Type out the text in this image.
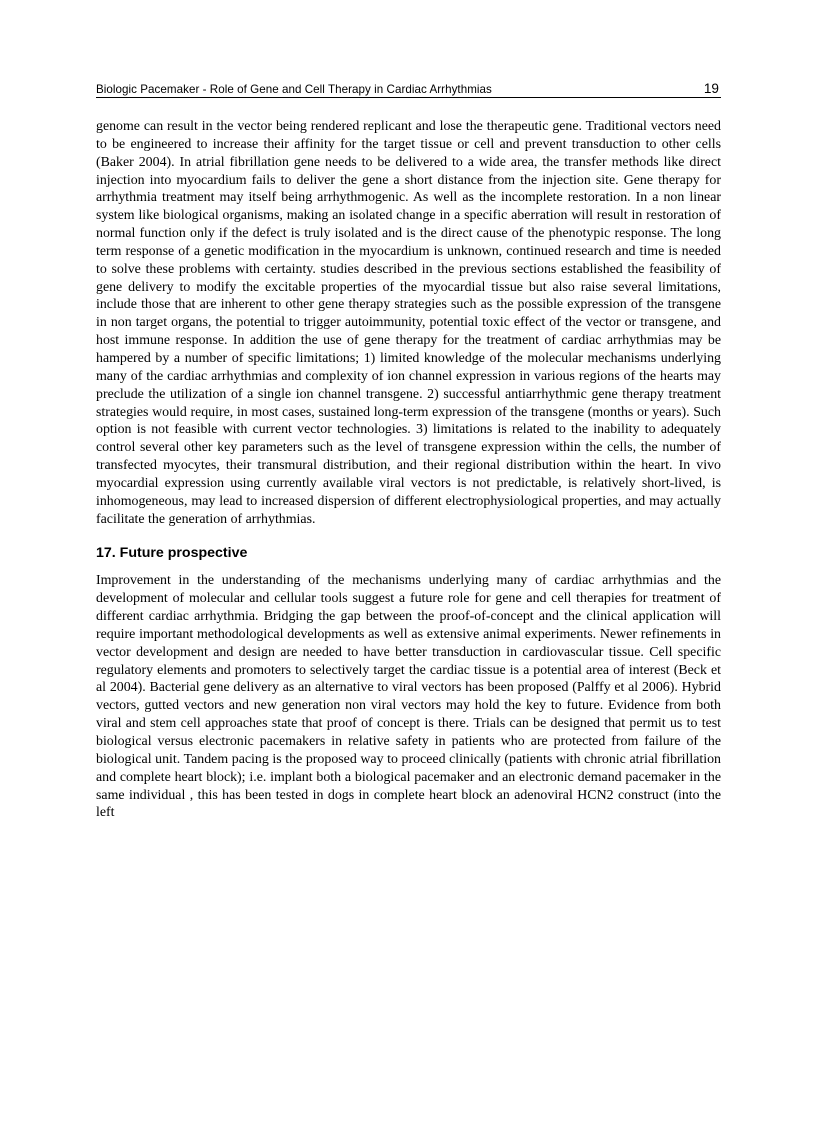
Biologic Pacemaker - Role of Gene and Cell Therapy in Cardiac Arrhythmias	19

genome can result in the vector being rendered replicant and lose the therapeutic gene. Traditional vectors need to be engineered to increase their affinity for the target tissue or cell and prevent transduction to other cells (Baker 2004). In atrial fibrillation gene needs to be delivered to a wide area, the transfer methods like direct injection into myocardium fails to deliver the gene a short distance from the injection site. Gene therapy for arrhythmia treatment may itself being arrhythmogenic. As well as the incomplete restoration. In a non linear system like biological organisms, making an isolated change in a specific aberration will result in restoration of normal function only if the defect is truly isolated and is the direct cause of the phenotypic response. The long term response of a genetic modification in the myocardium is unknown, continued research and time is needed to solve these problems with certainty. studies described in the previous sections established the feasibility of gene delivery to modify the excitable properties of the myocardial tissue but also raise several limitations, include those that are inherent to other gene therapy strategies such as the possible expression of the transgene in non target organs, the potential to trigger autoimmunity, potential toxic effect of the vector or transgene, and host immune response. In addition the use of gene therapy for the treatment of cardiac arrhythmias may be hampered by a number of specific limitations; 1) limited knowledge of the molecular mechanisms underlying many of the cardiac arrhythmias and complexity of ion channel expression in various regions of the hearts may preclude the utilization of a single ion channel transgene. 2) successful antiarrhythmic gene therapy treatment strategies would require, in most cases, sustained long-term expression of the transgene (months or years). Such option is not feasible with current vector technologies. 3) limitations is related to the inability to adequately control several other key parameters such as the level of transgene expression within the cells, the number of transfected myocytes, their transmural distribution, and their regional distribution within the heart. In vivo myocardial expression using currently available viral vectors is not predictable, is relatively short-lived, is inhomogeneous, may lead to increased dispersion of different electrophysiological properties, and may actually facilitate the generation of arrhythmias.

17. Future prospective

Improvement in the understanding of the mechanisms underlying many of cardiac arrhythmias and the development of molecular and cellular tools suggest a future role for gene and cell therapies for treatment of different cardiac arrhythmia. Bridging the gap between the proof-of-concept and the clinical application will require important methodological developments as well as extensive animal experiments. Newer refinements in vector development and design are needed to have better transduction in cardiovascular tissue. Cell specific regulatory elements and promoters to selectively target the cardiac tissue is a potential area of interest (Beck et al 2004). Bacterial gene delivery as an alternative to viral vectors has been proposed (Palffy et al 2006). Hybrid vectors, gutted vectors and new generation non viral vectors may hold the key to future. Evidence from both viral and stem cell approaches state that proof of concept is there. Trials can be designed that permit us to test biological versus electronic pacemakers in relative safety in patients who are protected from failure of the biological unit. Tandem pacing is the proposed way to proceed clinically (patients with chronic atrial fibrillation and complete heart block); i.e. implant both a biological pacemaker and an electronic demand pacemaker in the same individual , this has been tested in dogs in complete heart block an adenoviral HCN2 construct (into the left
